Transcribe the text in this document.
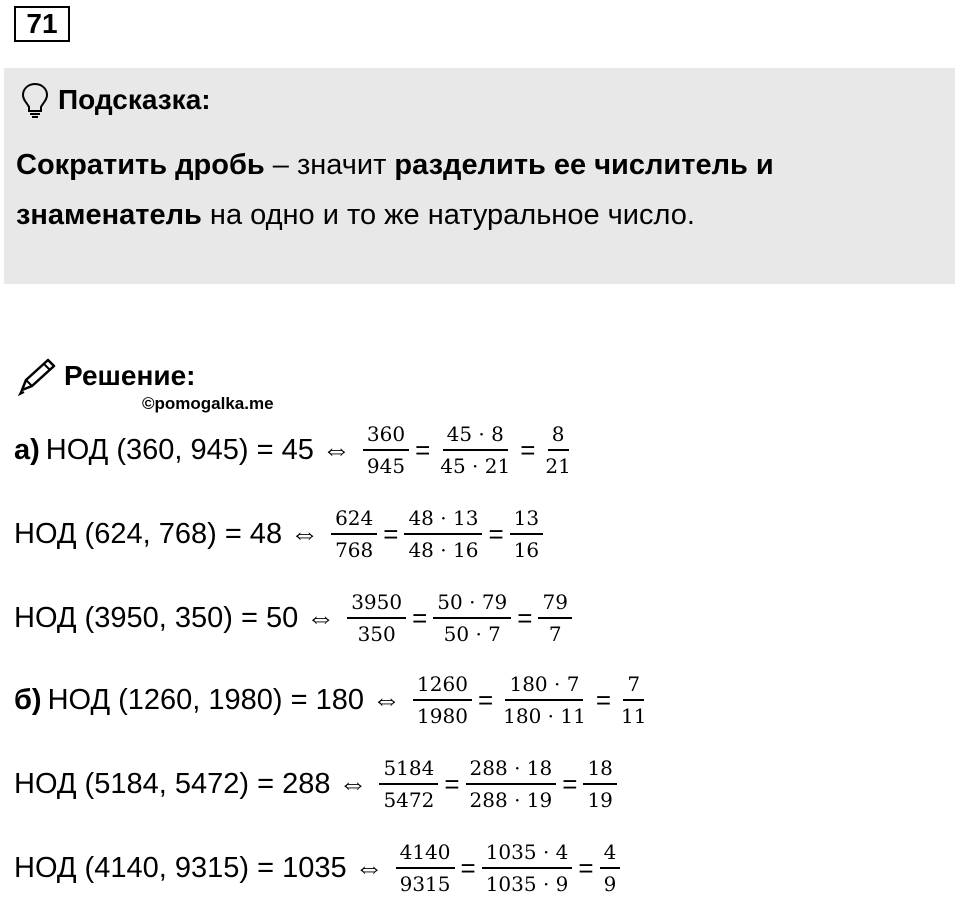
71
Подсказка:
Сократить дробь – значит разделить ее числитель и знаменатель на одно и то же натуральное число.
Решение:
©pomogalka.me
а) НОД (360, 945) = 45 ⇔ $\frac{360}{945} = \frac{45 \cdot 8}{45 \cdot 21} = \frac{8}{21}$
НОД (624, 768) = 48 ⇔ $\frac{624}{768} = \frac{48 \cdot 13}{48 \cdot 16} = \frac{13}{16}$
НОД (3950, 350) = 50 ⇔ $\frac{3950}{350} = \frac{50 \cdot 79}{50 \cdot 7} = \frac{79}{7}$
б) НОД (1260, 1980) = 180 ⇔ $\frac{1260}{1980} = \frac{180 \cdot 7}{180 \cdot 11} = \frac{7}{11}$
НОД (5184, 5472) = 288 ⇔ $\frac{5184}{5472} = \frac{288 \cdot 18}{288 \cdot 19} = \frac{18}{19}$
НОД (4140, 9315) = 1035 ⇔ $\frac{4140}{9315} = \frac{1035 \cdot 4}{1035 \cdot 9} = \frac{4}{9}$
